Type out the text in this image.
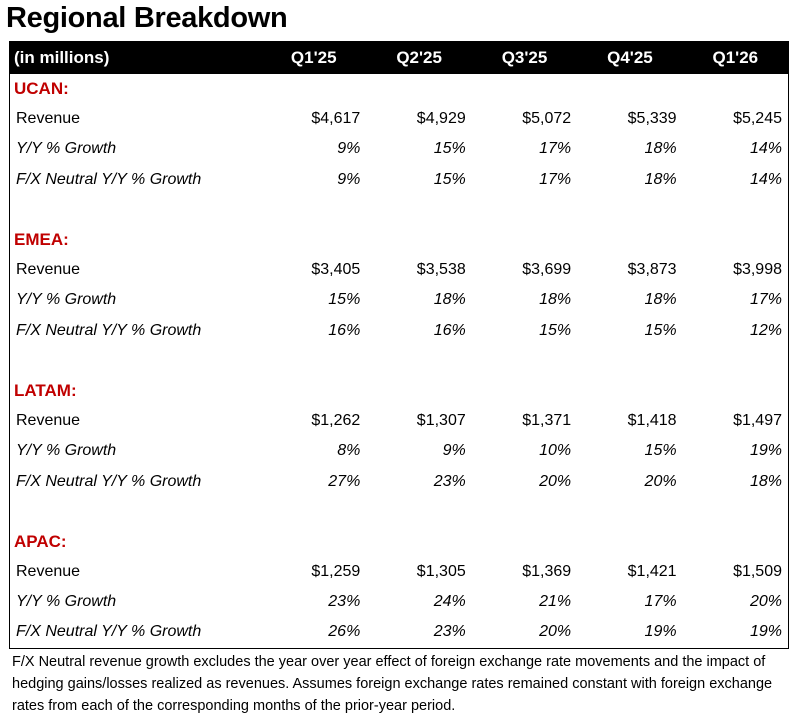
Regional Breakdown
(in millions)	Q1'25	Q2'25	Q3'25	Q4'25	Q1'26
UCAN:
Revenue	$4,617	$4,929	$5,072	$5,339	$5,245
Y/Y % Growth	9%	15%	17%	18%	14%
F/X Neutral Y/Y % Growth	9%	15%	17%	18%	14%
EMEA:
Revenue	$3,405	$3,538	$3,699	$3,873	$3,998
Y/Y % Growth	15%	18%	18%	18%	17%
F/X Neutral Y/Y % Growth	16%	16%	15%	15%	12%
LATAM:
Revenue	$1,262	$1,307	$1,371	$1,418	$1,497
Y/Y % Growth	8%	9%	10%	15%	19%
F/X Neutral Y/Y % Growth	27%	23%	20%	20%	18%
APAC:
Revenue	$1,259	$1,305	$1,369	$1,421	$1,509
Y/Y % Growth	23%	24%	21%	17%	20%
F/X Neutral Y/Y % Growth	26%	23%	20%	19%	19%
F/X Neutral revenue growth excludes the year over year effect of foreign exchange rate movements and the impact of hedging gains/losses realized as revenues. Assumes foreign exchange rates remained constant with foreign exchange rates from each of the corresponding months of the prior-year period.
